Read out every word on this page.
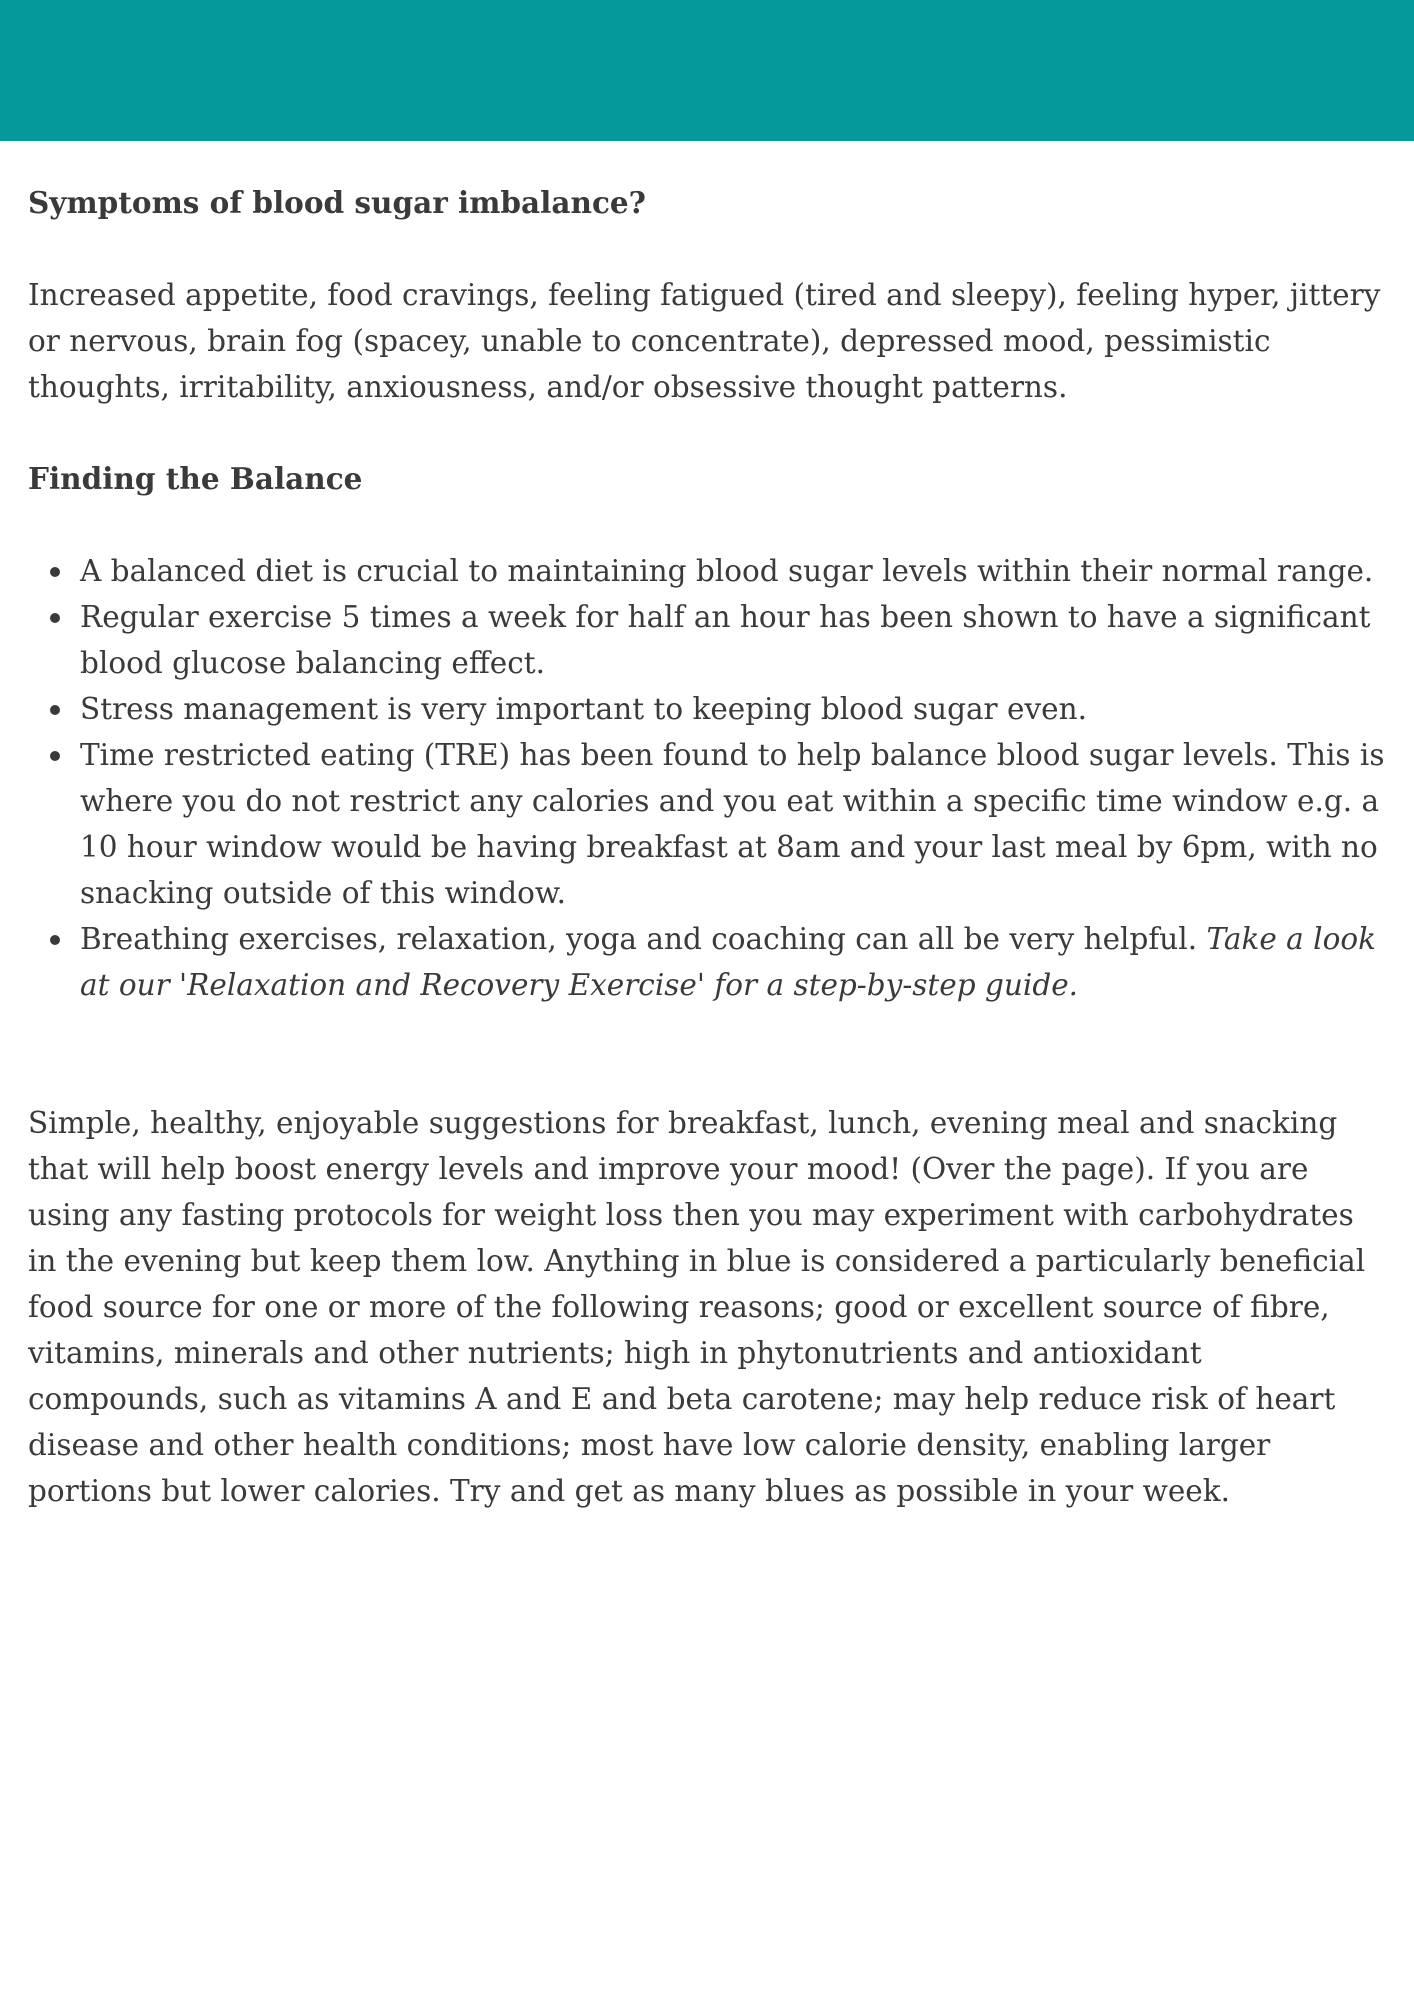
Symptoms of blood sugar imbalance?

Increased appetite, food cravings, feeling fatigued (tired and sleepy), feeling hyper, jittery or nervous, brain fog (spacey, unable to concentrate), depressed mood, pessimistic thoughts, irritability, anxiousness, and/or obsessive thought patterns.

Finding the Balance

A balanced diet is crucial to maintaining blood sugar levels within their normal range.
Regular exercise 5 times a week for half an hour has been shown to have a significant blood glucose balancing effect.
Stress management is very important to keeping blood sugar even.
Time restricted eating (TRE) has been found to help balance blood sugar levels. This is where you do not restrict any calories and you eat within a specific time window e.g. a 10 hour window would be having breakfast at 8am and your last meal by 6pm, with no snacking outside of this window.
Breathing exercises, relaxation, yoga and coaching can all be very helpful. Take a look at our 'Relaxation and Recovery Exercise' for a step-by-step guide.

Simple, healthy, enjoyable suggestions for breakfast, lunch, evening meal and snacking that will help boost energy levels and improve your mood! (Over the page). If you are using any fasting protocols for weight loss then you may experiment with carbohydrates in the evening but keep them low. Anything in blue is considered a particularly beneficial food source for one or more of the following reasons; good or excellent source of fibre, vitamins, minerals and other nutrients; high in phytonutrients and antioxidant compounds, such as vitamins A and E and beta carotene; may help reduce risk of heart disease and other health conditions; most have low calorie density, enabling larger portions but lower calories. Try and get as many blues as possible in your week.
